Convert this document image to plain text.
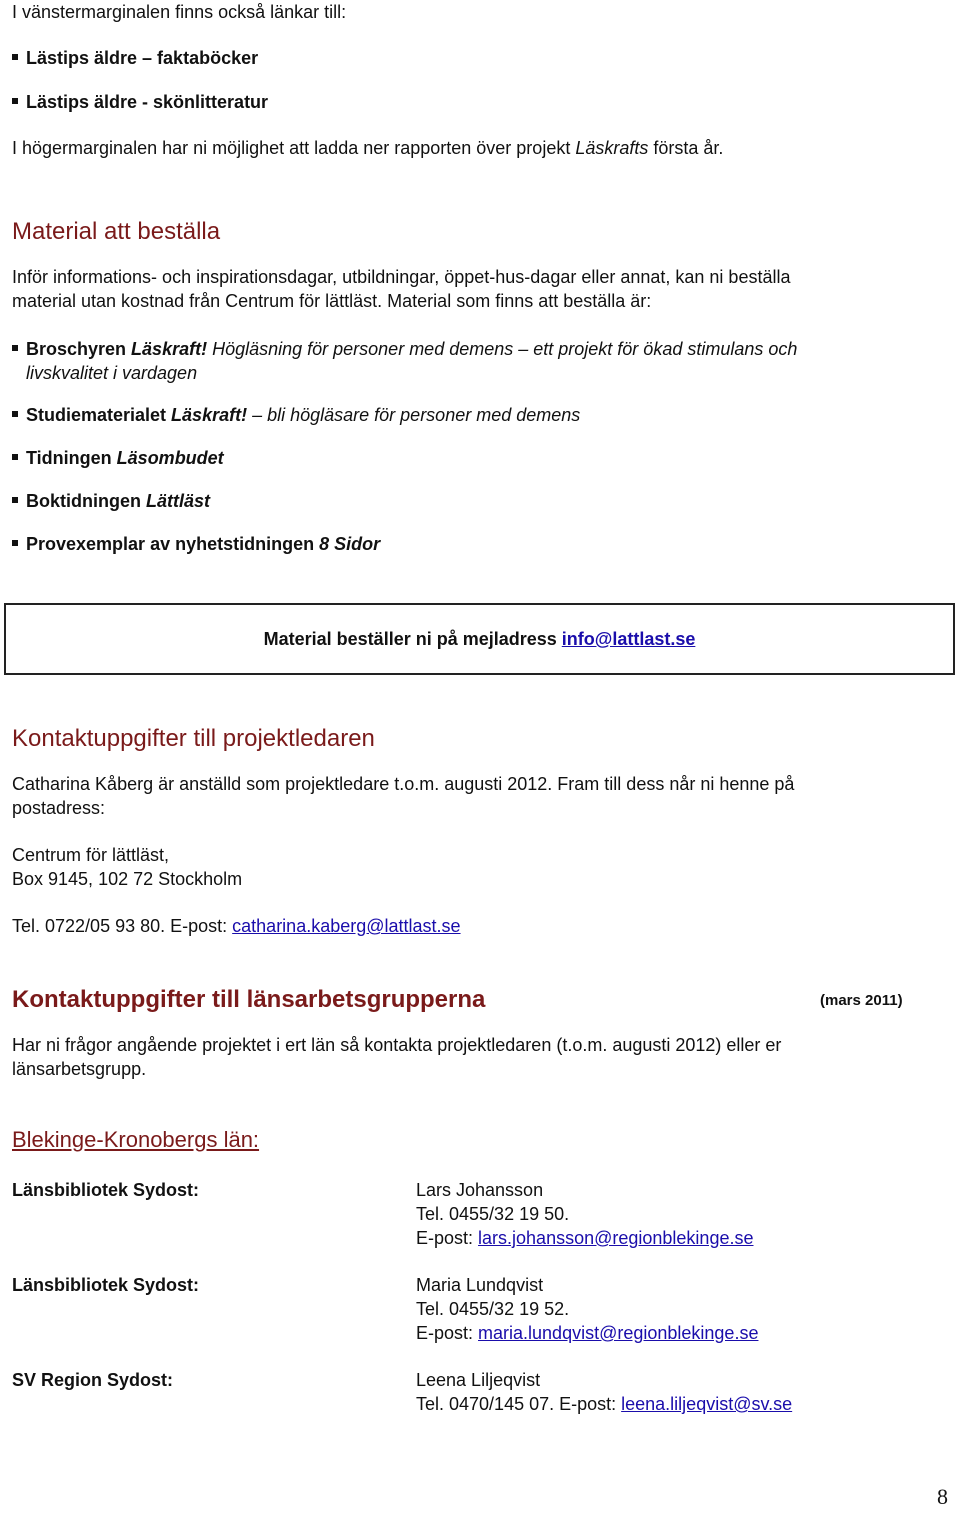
I vänstermarginalen finns också länkar till:
Lästips äldre – faktaböcker
Lästips äldre - skönlitteratur
I högermarginalen har ni möjlighet att ladda ner rapporten över projekt Läskrafts första år.
Material att beställa
Inför informations- och inspirationsdagar, utbildningar, öppet-hus-dagar eller annat, kan ni beställa
material utan kostnad från Centrum för lättläst. Material som finns att beställa är:
Broschyren Läskraft! Högläsning för personer med demens – ett projekt för ökad stimulans och
livskvalitet i vardagen
Studiematerialet Läskraft! – bli högläsare för personer med demens
Tidningen Läsombudet
Boktidningen Lättläst
Provexemplar av nyhetstidningen 8 Sidor
Material beställer ni på mejladress info@lattlast.se
Kontaktuppgifter till projektledaren
Catharina Kåberg är anställd som projektledare t.o.m. augusti 2012. Fram till dess når ni henne på
postadress:
Centrum för lättläst,
Box 9145, 102 72 Stockholm
Tel. 0722/05 93 80. E-post: catharina.kaberg@lattlast.se
Kontaktuppgifter till länsarbetsgrupperna	(mars 2011)
Har ni frågor angående projektet i ert län så kontakta projektledaren (t.o.m. augusti 2012) eller er
länsarbetsgrupp.
Blekinge-Kronobergs län:
Länsbibliotek Sydost:	Lars Johansson
Tel. 0455/32 19 50.
E-post: lars.johansson@regionblekinge.se
Länsbibliotek Sydost:	Maria Lundqvist
Tel. 0455/32 19 52.
E-post: maria.lundqvist@regionblekinge.se
SV Region Sydost:	Leena Liljeqvist
Tel. 0470/145 07. E-post: leena.liljeqvist@sv.se
8
